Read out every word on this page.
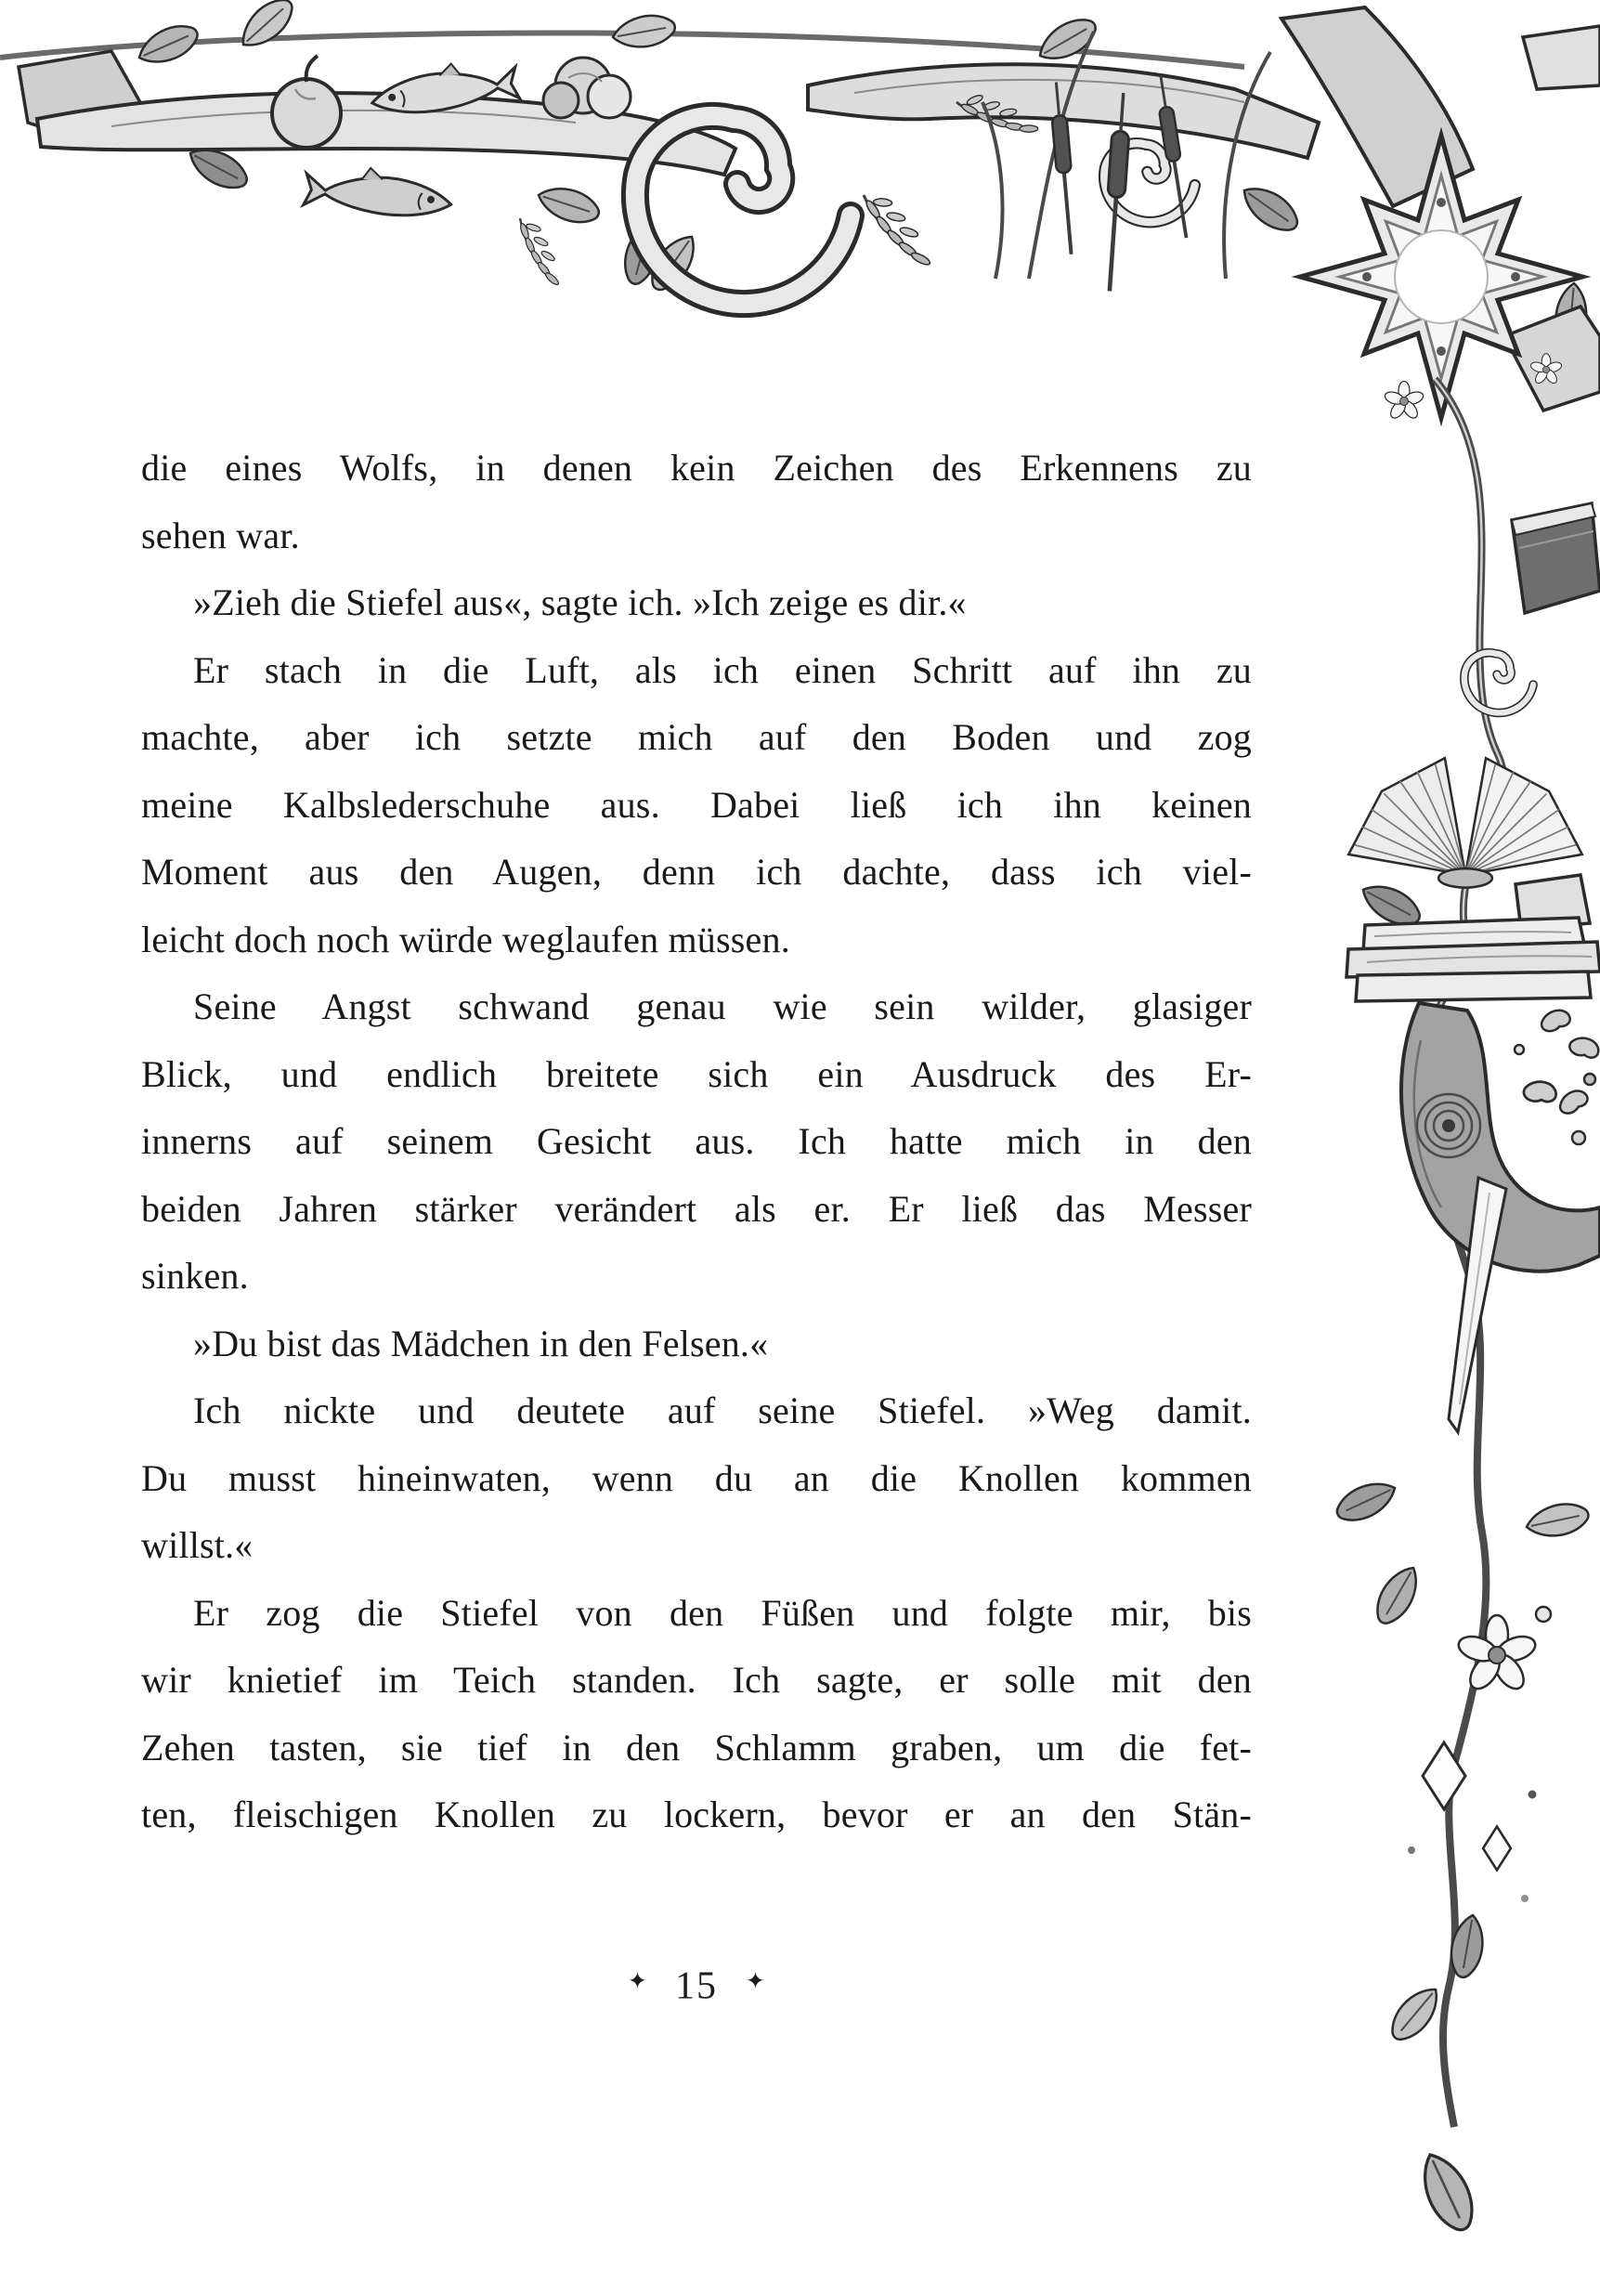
die eines Wolfs, in denen kein Zeichen des Erkennens zu
sehen war.
»Zieh die Stiefel aus«, sagte ich. »Ich zeige es dir.«
Er stach in die Luft, als ich einen Schritt auf ihn zu
machte, aber ich setzte mich auf den Boden und zog
meine Kalbslederschuhe aus. Dabei ließ ich ihn keinen
Moment aus den Augen, denn ich dachte, dass ich viel-
leicht doch noch würde weglaufen müssen.
Seine Angst schwand genau wie sein wilder, glasiger
Blick, und endlich breitete sich ein Ausdruck des Er-
innerns auf seinem Gesicht aus. Ich hatte mich in den
beiden Jahren stärker verändert als er. Er ließ das Messer
sinken.
»Du bist das Mädchen in den Felsen.«
Ich nickte und deutete auf seine Stiefel. »Weg damit.
Du musst hineinwaten, wenn du an die Knollen kommen
willst.«
Er zog die Stiefel von den Füßen und folgte mir, bis
wir knietief im Teich standen. Ich sagte, er solle mit den
Zehen tasten, sie tief in den Schlamm graben, um die fet-
ten, fleischigen Knollen zu lockern, bevor er an den Stän-
✦ 15 ✦
